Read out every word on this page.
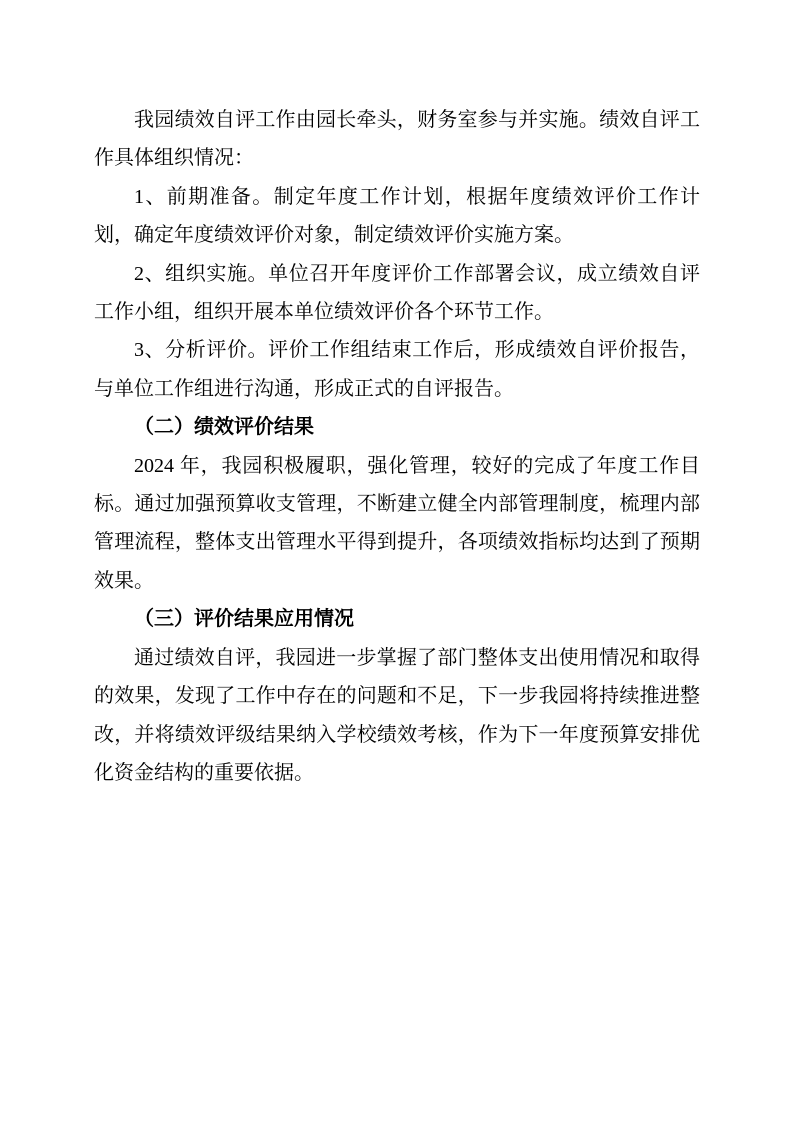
我园绩效自评工作由园长牵头，财务室参与并实施。绩效自评工作具体组织情况：

1、前期准备。制定年度工作计划，根据年度绩效评价工作计划，确定年度绩效评价对象，制定绩效评价实施方案。

2、组织实施。单位召开年度评价工作部署会议，成立绩效自评工作小组，组织开展本单位绩效评价各个环节工作。

3、分析评价。评价工作组结束工作后，形成绩效自评价报告，与单位工作组进行沟通，形成正式的自评报告。

（二）绩效评价结果

2024 年，我园积极履职，强化管理，较好的完成了年度工作目标。通过加强预算收支管理，不断建立健全内部管理制度，梳理内部管理流程，整体支出管理水平得到提升，各项绩效指标均达到了预期效果。

（三）评价结果应用情况

通过绩效自评，我园进一步掌握了部门整体支出使用情况和取得的效果，发现了工作中存在的问题和不足，下一步我园将持续推进整改，并将绩效评级结果纳入学校绩效考核，作为下一年度预算安排优化资金结构的重要依据。
